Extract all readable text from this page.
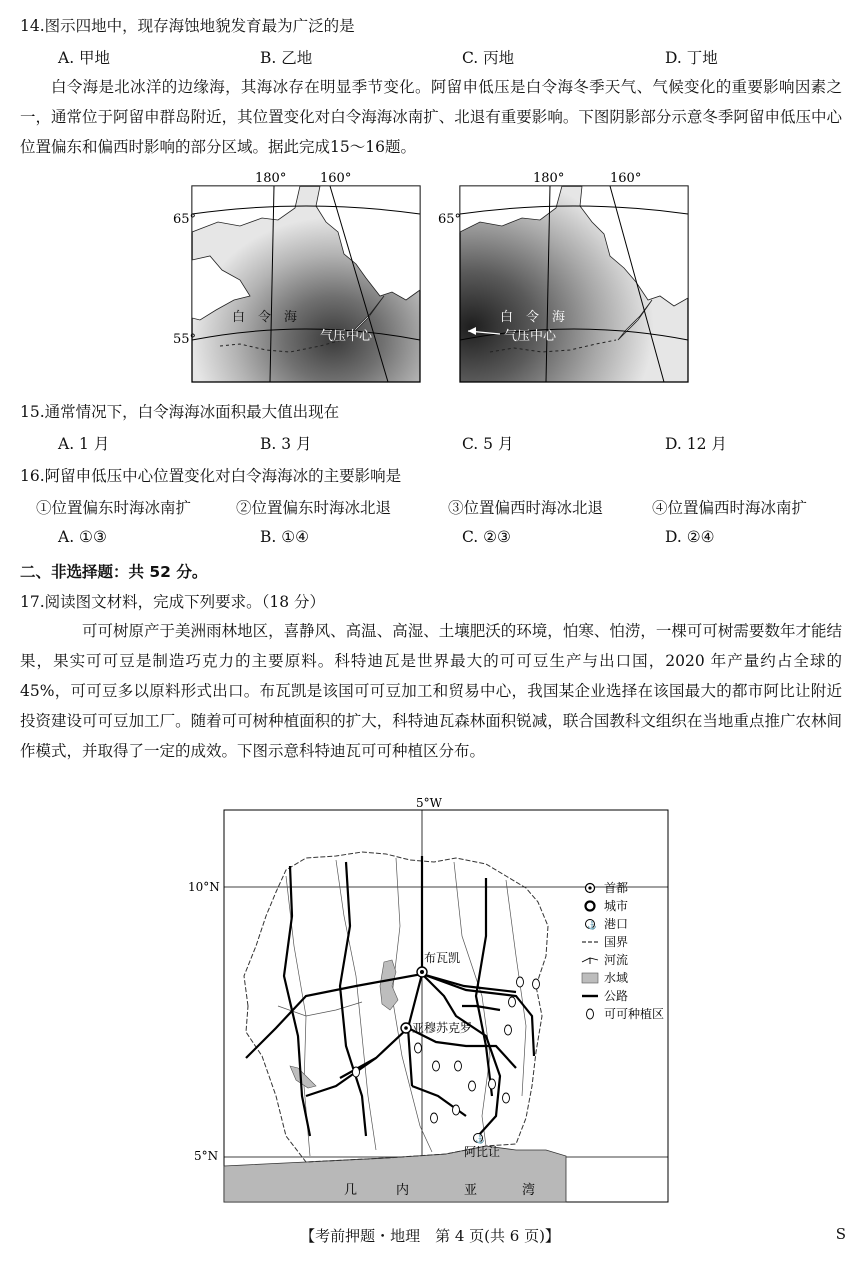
14.图示四地中，现存海蚀地貌发育最为广泛的是
A. 甲地	B. 乙地	C. 丙地	D. 丁地
白令海是北冰洋的边缘海，其海冰存在明显季节变化。阿留申低压是白令海冬季天气、气候变化的重要影响因素之一，通常位于阿留申群岛附近，其位置变化对白令海海冰南扩、北退有重要影响。下图阴影部分示意冬季阿留申低压中心位置偏东和偏西时影响的部分区域。据此完成15～16题。
180°	160°	180°	160°
65°
55°
白　令　海
气压中心
65°
白　令　海
气压中心
15.通常情况下，白令海海冰面积最大值出现在
A. 1 月	B. 3 月	C. 5 月	D. 12 月
16.阿留申低压中心位置变化对白令海海冰的主要影响是
①位置偏东时海冰南扩	②位置偏东时海冰北退	③位置偏西时海冰北退	④位置偏西时海冰南扩
A. ①③	B. ①④	C. ②③	D. ②④
二、非选择题：共 52 分。
17.阅读图文材料，完成下列要求。（18 分）
可可树原产于美洲雨林地区，喜静风、高温、高湿、土壤肥沃的环境，怕寒、怕涝，一棵可可树需要数年才能结果，果实可可豆是制造巧克力的主要原料。科特迪瓦是世界最大的可可豆生产与出口国，2020 年产量约占全球的 45%，可可豆多以原料形式出口。布瓦凯是该国可可豆加工和贸易中心，我国某企业选择在该国最大的都市阿比让附近投资建设可可豆加工厂。随着可可树种植面积的扩大，科特迪瓦森林面积锐减，联合国教科文组织在当地重点推广农林间作模式，并取得了一定的成效。下图示意科特迪瓦可可种植区分布。
5°W
10°N
5°N
几	内	亚	湾
布瓦凯
亚穆苏克罗
⚓
阿比让
首都
城市
⚓ 港口
国界
河流
水域
公路
可可种植区
【考前押题・地理　第 4 页(共 6 页)】	S
